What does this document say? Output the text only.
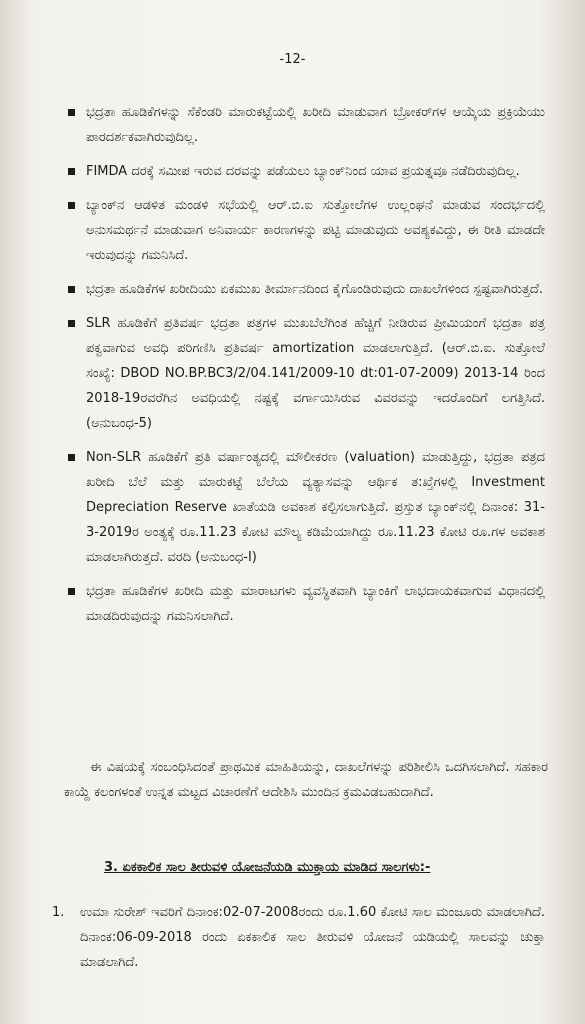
-12-
ಭದ್ರತಾ ಹೂಡಿಕೆಗಳನ್ನು ಸೆಕೆಂಡರಿ ಮಾರುಕಟ್ಟೆಯಲ್ಲಿ ಖರೀದಿ ಮಾಡುವಾಗ ಬ್ರೋಕರ್‌ಗಳ ಆಯ್ಕೆಯ ಪ್ರಕ್ರಿಯೆಯು ಪಾರದರ್ಶಕವಾಗಿರುವುದಿಲ್ಲ.
FIMDA ದರಕ್ಕೆ ಸಮೀಪ ಇರುವ ದರವನ್ನು ಪಡೆಯಲು ಬ್ಯಾಂಕ್‌ನಿಂದ ಯಾವ ಪ್ರಯತ್ನವೂ ನಡೆದಿರುವುದಿಲ್ಲ.
ಬ್ಯಾಂಕ್‌ನ ಆಡಳಿತ ಮಂಡಳಿ ಸಭೆಯಲ್ಲಿ ಆರ್.ಬಿ.ಐ ಸುತ್ತೋಲೆಗಳ ಉಲ್ಲಂಘನೆ ಮಾಡುವ ಸಂದರ್ಭದಲ್ಲಿ ಅನುಸಮರ್ಥನೆ ಮಾಡುವಾಗ ಅನಿವಾರ್ಯ ಕಾರಣಗಳನ್ನು ಪಟ್ಟಿ ಮಾಡುವುದು ಅವಶ್ಯಕವಿದ್ದು, ಈ ರೀತಿ ಮಾಡದೇ ಇರುವುದನ್ನು ಗಮನಿಸಿದೆ.
ಭದ್ರತಾ ಹೂಡಿಕೆಗಳ ಖರೀದಿಯು ಏಕಮುಖ ತೀರ್ಮಾನದಿಂದ ಕೈಗೊಂಡಿರುವುದು ದಾಖಲೆಗಳಿಂದ ಸ್ಪಷ್ಟವಾಗಿರುತ್ತದೆ.
SLR ಹೂಡಿಕೆಗೆ ಪ್ರತಿವರ್ಷ ಭದ್ರತಾ ಪತ್ರಗಳ ಮುಖಬೆಲೆಗಿಂತ ಹೆಚ್ಚಿಗೆ ನೀಡಿರುವ ಪ್ರೀಮಿಯಂಗೆ ಭದ್ರತಾ ಪತ್ರ ಪಕ್ವವಾಗುವ ಅವಧಿ ಪರಿಗಣಿಸಿ ಪ್ರತಿವರ್ಷ amortization ಮಾಡಲಾಗುತ್ತಿದೆ. (ಆರ್.ಬಿ.ಐ. ಸುತ್ತೋಲೆ ಸಂಖ್ಯೆ: DBOD NO.BP.BC3/2/04.141/2009-10 dt:01-07-2009) 2013-14 ರಿಂದ 2018-19ರವರೆಗಿನ ಅವಧಿಯಲ್ಲಿ ನಷ್ಟಕ್ಕೆ ವರ್ಗಾಯಿಸಿರುವ ವಿವರವನ್ನು ಇದರೊಂದಿಗೆ ಲಗತ್ತಿಸಿದೆ. (ಅನುಬಂಧ-5)
Non-SLR ಹೂಡಿಕೆಗೆ ಪ್ರತಿ ವರ್ಷಾಂತ್ಯದಲ್ಲಿ ಮೌಲೀಕರಣ (valuation) ಮಾಡುತ್ತಿದ್ದು, ಭದ್ರತಾ ಪತ್ರದ ಖರೀದಿ ಬೆಲೆ ಮತ್ತು ಮಾರುಕಟ್ಟೆ ಬೆಲೆಯ ವ್ಯತ್ಯಾಸವನ್ನು ಆರ್ಥಿಕ ತ:ಖ್ತೆಗಳಲ್ಲಿ Investment Depreciation Reserve ಖಾತೆಯಡಿ ಅವಕಾಶ ಕಲ್ಪಿಸಲಾಗುತ್ತಿದೆ. ಪ್ರಸ್ತುತ ಬ್ಯಾಂಕ್‌ನಲ್ಲಿ ದಿನಾಂಕ: 31-3-2019ರ ಅಂತ್ಯಕ್ಕೆ ರೂ.11.23 ಕೋಟಿ ಮೌಲ್ಯ ಕಡಿಮೆಯಾಗಿದ್ದು ರೂ.11.23 ಕೋಟಿ ರೂ.ಗಳ ಅವಕಾಶ ಮಾಡಲಾಗಿರುತ್ತದೆ. ವರದಿ (ಅನುಬಂಧ-I)
ಭದ್ರತಾ ಹೂಡಿಕೆಗಳ ಖರೀದಿ ಮತ್ತು ಮಾರಾಟಗಳು ವ್ಯವಸ್ಥಿತವಾಗಿ ಬ್ಯಾಂಕಿಗೆ ಲಾಭದಾಯಕವಾಗುವ ವಿಧಾನದಲ್ಲಿ ಮಾಡದಿರುವುದನ್ನು ಗಮನಿಸಲಾಗಿದೆ.
ಈ ವಿಷಯಕ್ಕೆ ಸಂಬಂಧಿಸಿದಂತೆ ಪ್ರಾಥಮಿಕ ಮಾಹಿತಿಯನ್ನು, ದಾಖಲೆಗಳನ್ನು ಪರಿಶೀಲಿಸಿ ಒದಗಿಸಲಾಗಿದೆ. ಸಹಕಾರ ಕಾಯ್ದೆ ಕಲಂಗಳಂತೆ ಉನ್ನತ ಮಟ್ಟದ ವಿಚಾರಣೆಗೆ ಆದೇಶಿಸಿ ಮುಂದಿನ ಕ್ರಮವಿಡಬಹುದಾಗಿದೆ.
3. ಏಕಕಾಲಿಕ ಸಾಲ ತೀರುವಳಿ ಯೋಜನೆಯಡಿ ಮುಕ್ತಾಯ ಮಾಡಿದ ಸಾಲಗಳು:-
1. ಉಮಾ ಸುರೇಶ್ ಇವರಿಗೆ ದಿನಾಂಕ:02-07-2008ರಂದು ರೂ.1.60 ಕೋಟಿ ಸಾಲ ಮಂಜೂರು ಮಾಡಲಾಗಿದೆ. ದಿನಾಂಕ:06-09-2018 ರಂದು ಏಕಕಾಲಿಕ ಸಾಲ ತೀರುವಳಿ ಯೋಜನೆ ಯಡಿಯಲ್ಲಿ ಸಾಲವನ್ನು ಚುಕ್ತಾ ಮಾಡಲಾಗಿದೆ.
